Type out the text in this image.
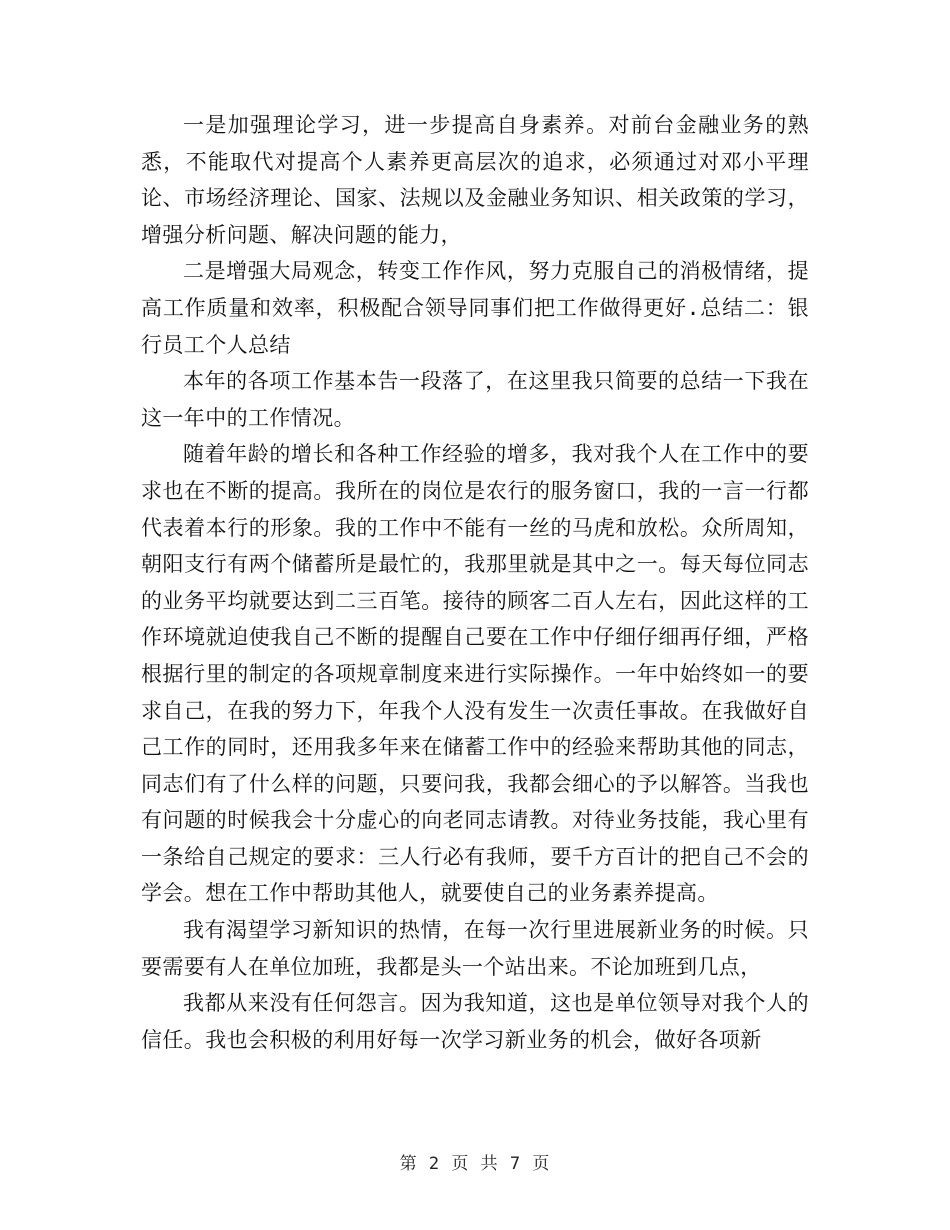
一是加强理论学习，进一步提高自身素养。对前台金融业务的熟悉，不能取代对提高个人素养更高层次的追求，必须通过对邓小平理论、市场经济理论、国家、法规以及金融业务知识、相关政策的学习，增强分析问题、解决问题的能力，

二是增强大局观念，转变工作作风，努力克服自己的消极情绪，提高工作质量和效率，积极配合领导同事们把工作做得更好.总结二：银行员工个人总结

本年的各项工作基本告一段落了，在这里我只简要的总结一下我在这一年中的工作情况。

随着年龄的增长和各种工作经验的增多，我对我个人在工作中的要求也在不断的提高。我所在的岗位是农行的服务窗口，我的一言一行都代表着本行的形象。我的工作中不能有一丝的马虎和放松。众所周知，朝阳支行有两个储蓄所是最忙的，我那里就是其中之一。每天每位同志的业务平均就要达到二三百笔。接待的顾客二百人左右，因此这样的工作环境就迫使我自己不断的提醒自己要在工作中仔细仔细再仔细，严格根据行里的制定的各项规章制度来进行实际操作。一年中始终如一的要求自己，在我的努力下，年我个人没有发生一次责任事故。在我做好自己工作的同时，还用我多年来在储蓄工作中的经验来帮助其他的同志，同志们有了什么样的问题，只要问我，我都会细心的予以解答。当我也有问题的时候我会十分虚心的向老同志请教。对待业务技能，我心里有一条给自己规定的要求：三人行必有我师，要千方百计的把自己不会的学会。想在工作中帮助其他人，就要使自己的业务素养提高。

我有渴望学习新知识的热情，在每一次行里进展新业务的时候。只要需要有人在单位加班，我都是头一个站出来。不论加班到几点，

我都从来没有任何怨言。因为我知道，这也是单位领导对我个人的信任。我也会积极的利用好每一次学习新业务的机会，做好各项新

第 2 页 共 7 页
